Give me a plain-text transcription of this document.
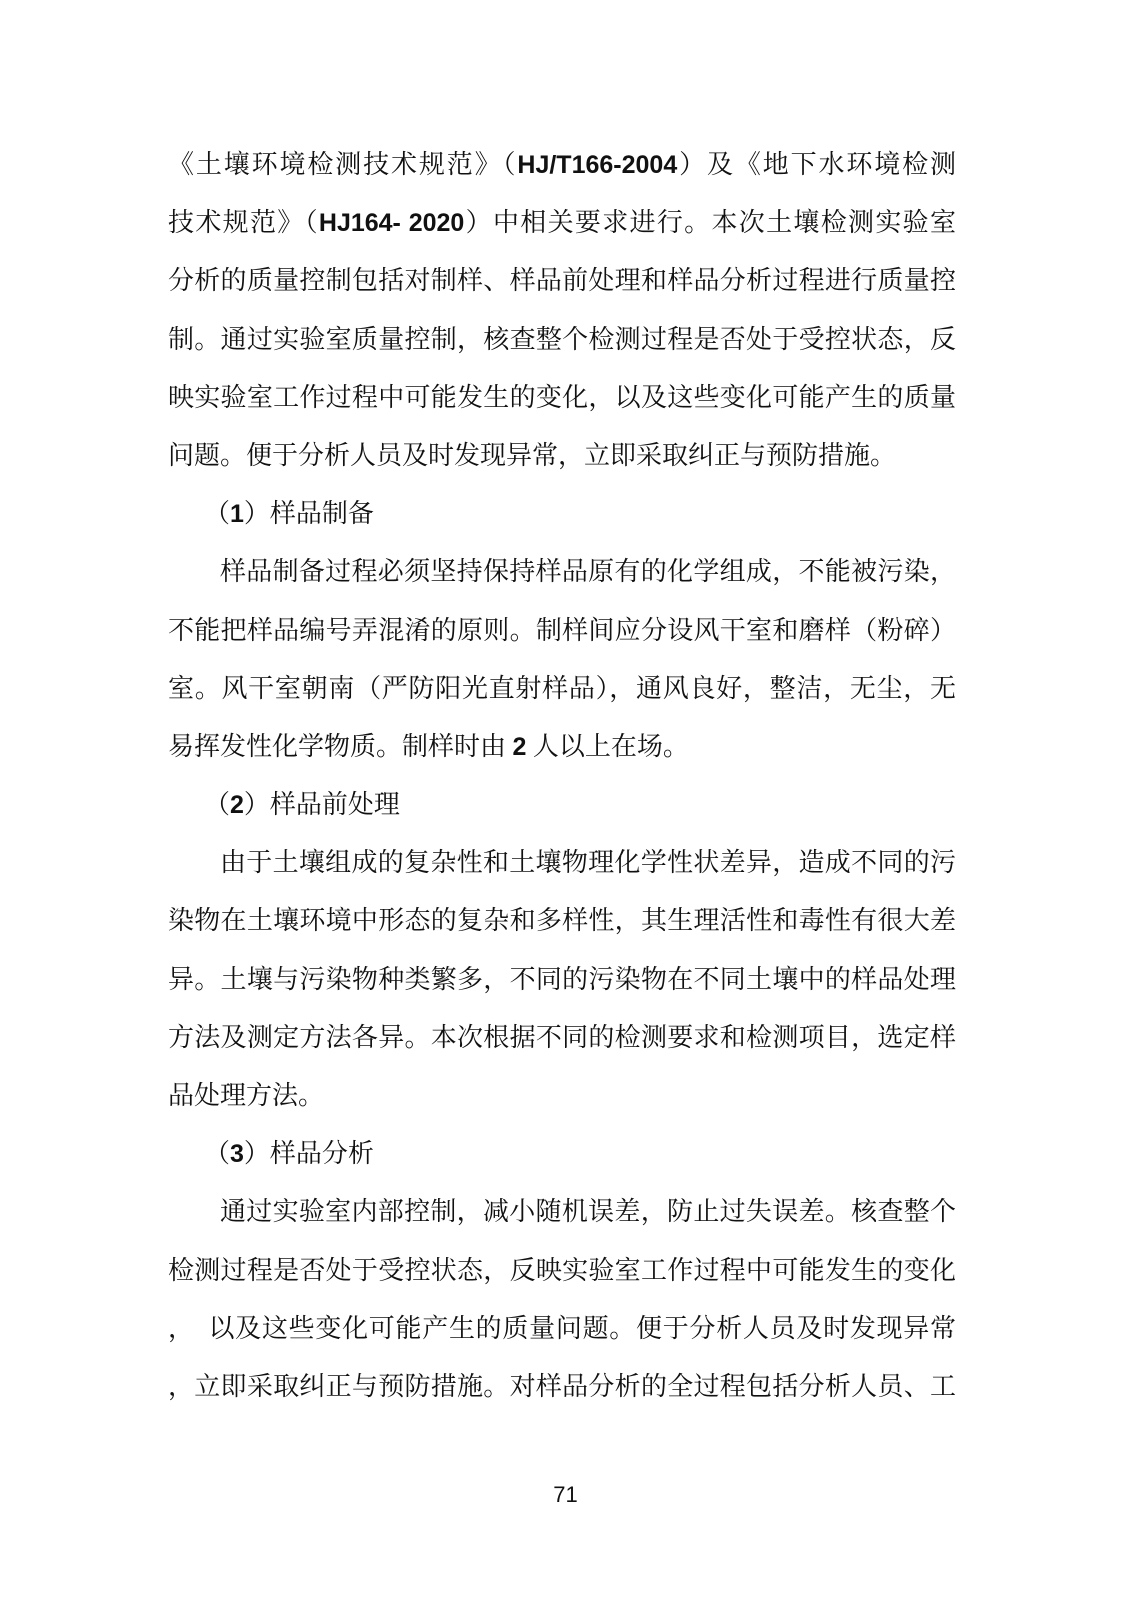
《土壤环境检测技术规范》（HJ/T166-2004）及《地下水环境检测
技术规范》（HJ164- 2020）中相关要求进行。本次土壤检测实验室
分析的质量控制包括对制样、样品前处理和样品分析过程进行质量控
制。通过实验室质量控制，核查整个检测过程是否处于受控状态，反
映实验室工作过程中可能发生的变化，以及这些变化可能产生的质量
问题。便于分析人员及时发现异常，立即采取纠正与预防措施。
（1）样品制备
样品制备过程必须坚持保持样品原有的化学组成，不能被污染，
不能把样品编号弄混淆的原则。制样间应分设风干室和磨样（粉碎）
室。风干室朝南（严防阳光直射样品），通风良好，整洁，无尘，无
易挥发性化学物质。制样时由 2 人以上在场。
（2）样品前处理
由于土壤组成的复杂性和土壤物理化学性状差异，造成不同的污
染物在土壤环境中形态的复杂和多样性，其生理活性和毒性有很大差
异。土壤与污染物种类繁多，不同的污染物在不同土壤中的样品处理
方法及测定方法各异。本次根据不同的检测要求和检测项目，选定样
品处理方法。
（3）样品分析
通过实验室内部控制，减小随机误差，防止过失误差。核查整个
检测过程是否处于受控状态，反映实验室工作过程中可能发生的变化
，　以及这些变化可能产生的质量问题。便于分析人员及时发现异常
，立即采取纠正与预防措施。对样品分析的全过程包括分析人员、工
71
